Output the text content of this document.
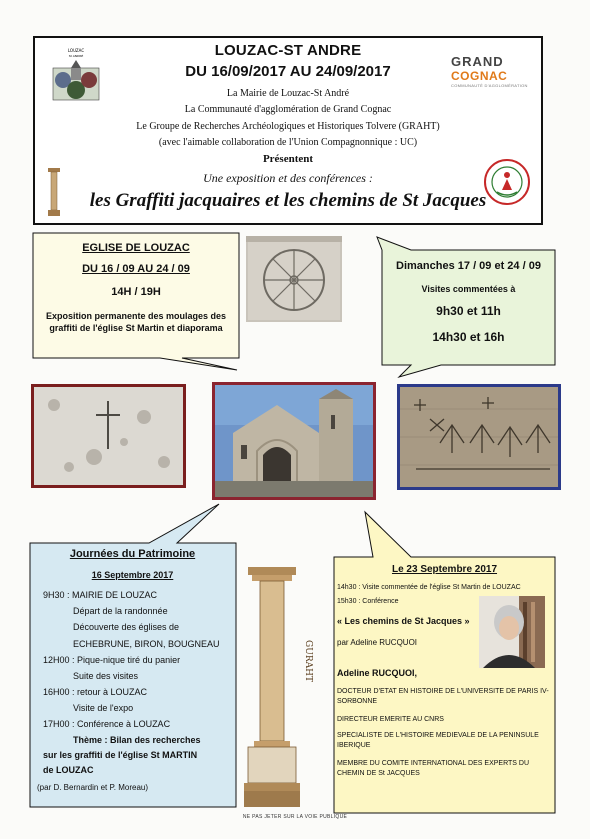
LOUZAC
St ANDRÉ	LOUZAC-ST ANDRE
DU 16/09/2017 AU 24/09/2017
La Mairie de Louzac-St André
La Communauté d'agglomération de Grand Cognac
Le Groupe de Recherches Archéologiques et Historiques Tolvere (GRAHT)
(avec l'aimable collaboration de l'Union Compagnonnique : UC)
Présentent
Une exposition et des conférences :
les Graffiti jacquaires et les chemins de St Jacques
GRAND
COGNAC
COMMUNAUTÉ D'AGGLOMÉRATION
EGLISE DE LOUZAC
DU 16 / 09 AU 24 / 09
14H / 19H
Exposition permanente des moulages des
graffiti de l'église St Martin et diaporama
Dimanches 17 / 09 et 24 / 09
Visites commentées à
9h30 et 11h
14h30 et 16h
Journées du Patrimoine
16 Septembre 2017
9H30 : MAIRIE DE LOUZAC
Départ de la randonnée
Découverte des églises de
ECHEBRUNE, BIRON, BOUGNEAU
12H00 : Pique-nique tiré du panier
Suite des visites
16H00 : retour à LOUZAC
Visite de l'expo
17H00 : Conférence à LOUZAC
Thème : Bilan des recherches
sur les graffiti de l'église St MARTIN
de LOUZAC
(par D. Bernardin et P. Moreau)
GURAHT
Le 23 Septembre 2017
14h30 : Visite commentée de l'église St Martin de LOUZAC
15h30 : Conférence
« Les chemins de St Jacques »
par Adeline RUCQUOI
Adeline RUCQUOI,
DOCTEUR D'ETAT EN HISTOIRE DE L'UNIVERSITE DE PARIS IV-
SORBONNE
DIRECTEUR EMERITE AU CNRS
SPECIALISTE DE L'HISTOIRE MEDIEVALE DE LA PENINSULE
IBERIQUE
MEMBRE DU COMITE INTERNATIONAL DES EXPERTS DU
CHEMIN DE St JACQUES
NE PAS JETER SUR LA VOIE PUBLIQUE
